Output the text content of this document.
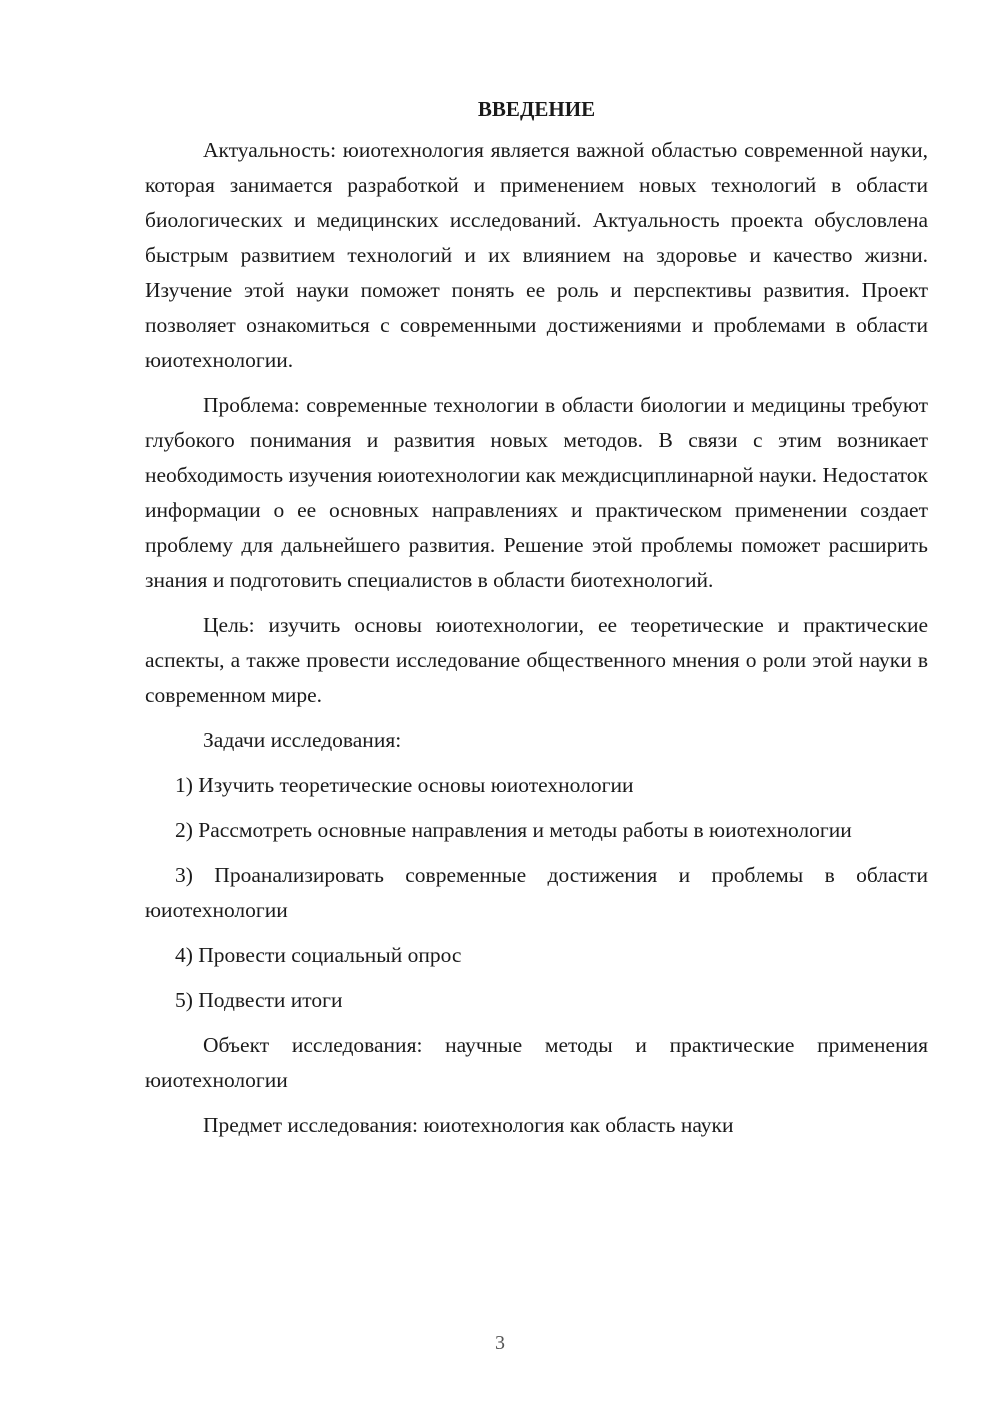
ВВЕДЕНИЕ

Актуальность: юиотехнология является важной областью современной науки, которая занимается разработкой и применением новых технологий в области биологических и медицинских исследований. Актуальность проекта обусловлена быстрым развитием технологий и их влиянием на здоровье и качество жизни. Изучение этой науки поможет понять ее роль и перспективы развития. Проект позволяет ознакомиться с современными достижениями и проблемами в области юиотехнологии.

Проблема: современные технологии в области биологии и медицины требуют глубокого понимания и развития новых методов. В связи с этим возникает необходимость изучения юиотехнологии как междисциплинарной науки. Недостаток информации о ее основных направлениях и практическом применении создает проблему для дальнейшего развития. Решение этой проблемы поможет расширить знания и подготовить специалистов в области биотехнологий.

Цель: изучить основы юиотехнологии, ее теоретические и практические аспекты, а также провести исследование общественного мнения о роли этой науки в современном мире.

Задачи исследования:

1) Изучить теоретические основы юиотехнологии

2) Рассмотреть основные направления и методы работы в юиотехнологии

3) Проанализировать современные достижения и проблемы в области юиотехнологии

4) Провести социальный опрос

5) Подвести итоги

Объект исследования: научные методы и практические применения юиотехнологии

Предмет исследования: юиотехнология как область науки

3
